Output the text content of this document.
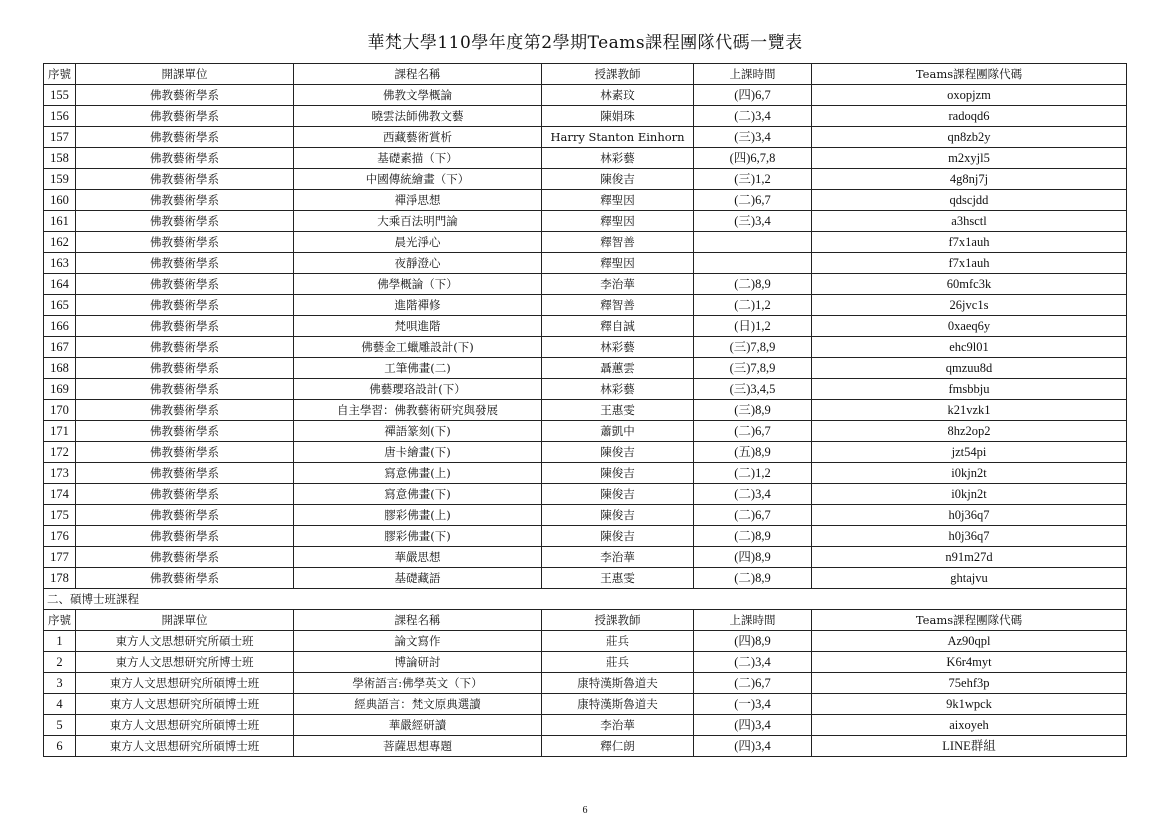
華梵大學110學年度第2學期Teams課程團隊代碼一覽表
序號	開課單位	課程名稱	授課教師	上課時間	Teams課程團隊代碼
155	佛教藝術學系	佛教文學概論	林素玟	(四)6,7	oxopjzm
156	佛教藝術學系	曉雲法師佛教文藝	陳娟珠	(二)3,4	radoqd6
157	佛教藝術學系	西藏藝術賞析	Harry Stanton Einhorn	(三)3,4	qn8zb2y
158	佛教藝術學系	基礎素描（下）	林彩藝	(四)6,7,8	m2xyjl5
159	佛教藝術學系	中國傳統繪畫（下）	陳俊吉	(三)1,2	4g8nj7j
160	佛教藝術學系	禪淨思想	釋聖因	(二)6,7	qdscjdd
161	佛教藝術學系	大乘百法明門論	釋聖因	(三)3,4	a3hsctl
162	佛教藝術學系	晨光淨心	釋智善		f7x1auh
163	佛教藝術學系	夜靜澄心	釋聖因		f7x1auh
164	佛教藝術學系	佛學概論（下）	李治華	(二)8,9	60mfc3k
165	佛教藝術學系	進階禪修	釋智善	(二)1,2	26jvc1s
166	佛教藝術學系	梵唄進階	釋自誠	(日)1,2	0xaeq6y
167	佛教藝術學系	佛藝金工蠟雕設計(下)	林彩藝	(三)7,8,9	ehc9l01
168	佛教藝術學系	工筆佛畫(二)	聶蕙雲	(三)7,8,9	qmzuu8d
169	佛教藝術學系	佛藝瓔珞設計(下）	林彩藝	(三)3,4,5	fmsbbju
170	佛教藝術學系	自主學習：佛教藝術研究與發展	王惠雯	(三)8,9	k21vzk1
171	佛教藝術學系	禪語篆刻(下)	蕭凱中	(二)6,7	8hz2op2
172	佛教藝術學系	唐卡繪畫(下)	陳俊吉	(五)8,9	jzt54pi
173	佛教藝術學系	寫意佛畫(上)	陳俊吉	(二)1,2	i0kjn2t
174	佛教藝術學系	寫意佛畫(下)	陳俊吉	(二)3,4	i0kjn2t
175	佛教藝術學系	膠彩佛畫(上)	陳俊吉	(二)6,7	h0j36q7
176	佛教藝術學系	膠彩佛畫(下)	陳俊吉	(二)8,9	h0j36q7
177	佛教藝術學系	華嚴思想	李治華	(四)8,9	n91m27d
178	佛教藝術學系	基礎藏語	王惠雯	(二)8,9	ghtajvu
二、碩博士班課程					
序號	開課單位	課程名稱	授課教師	上課時間	Teams課程團隊代碼
1	東方人文思想研究所碩士班	論文寫作	莊兵	(四)8,9	Az90qpl
2	東方人文思想研究所博士班	博論研討	莊兵	(二)3,4	K6r4myt
3	東方人文思想研究所碩博士班	學術語言:佛學英文（下）	康特漢斯魯道夫	(二)6,7	75ehf3p
4	東方人文思想研究所碩博士班	經典語言：梵文原典選讀	康特漢斯魯道夫	(一)3,4	9k1wpck
5	東方人文思想研究所碩博士班	華嚴經研讀	李治華	(四)3,4	aixoyeh
6	東方人文思想研究所碩博士班	菩薩思想專題	釋仁朗	(四)3,4	LINE群組
6
